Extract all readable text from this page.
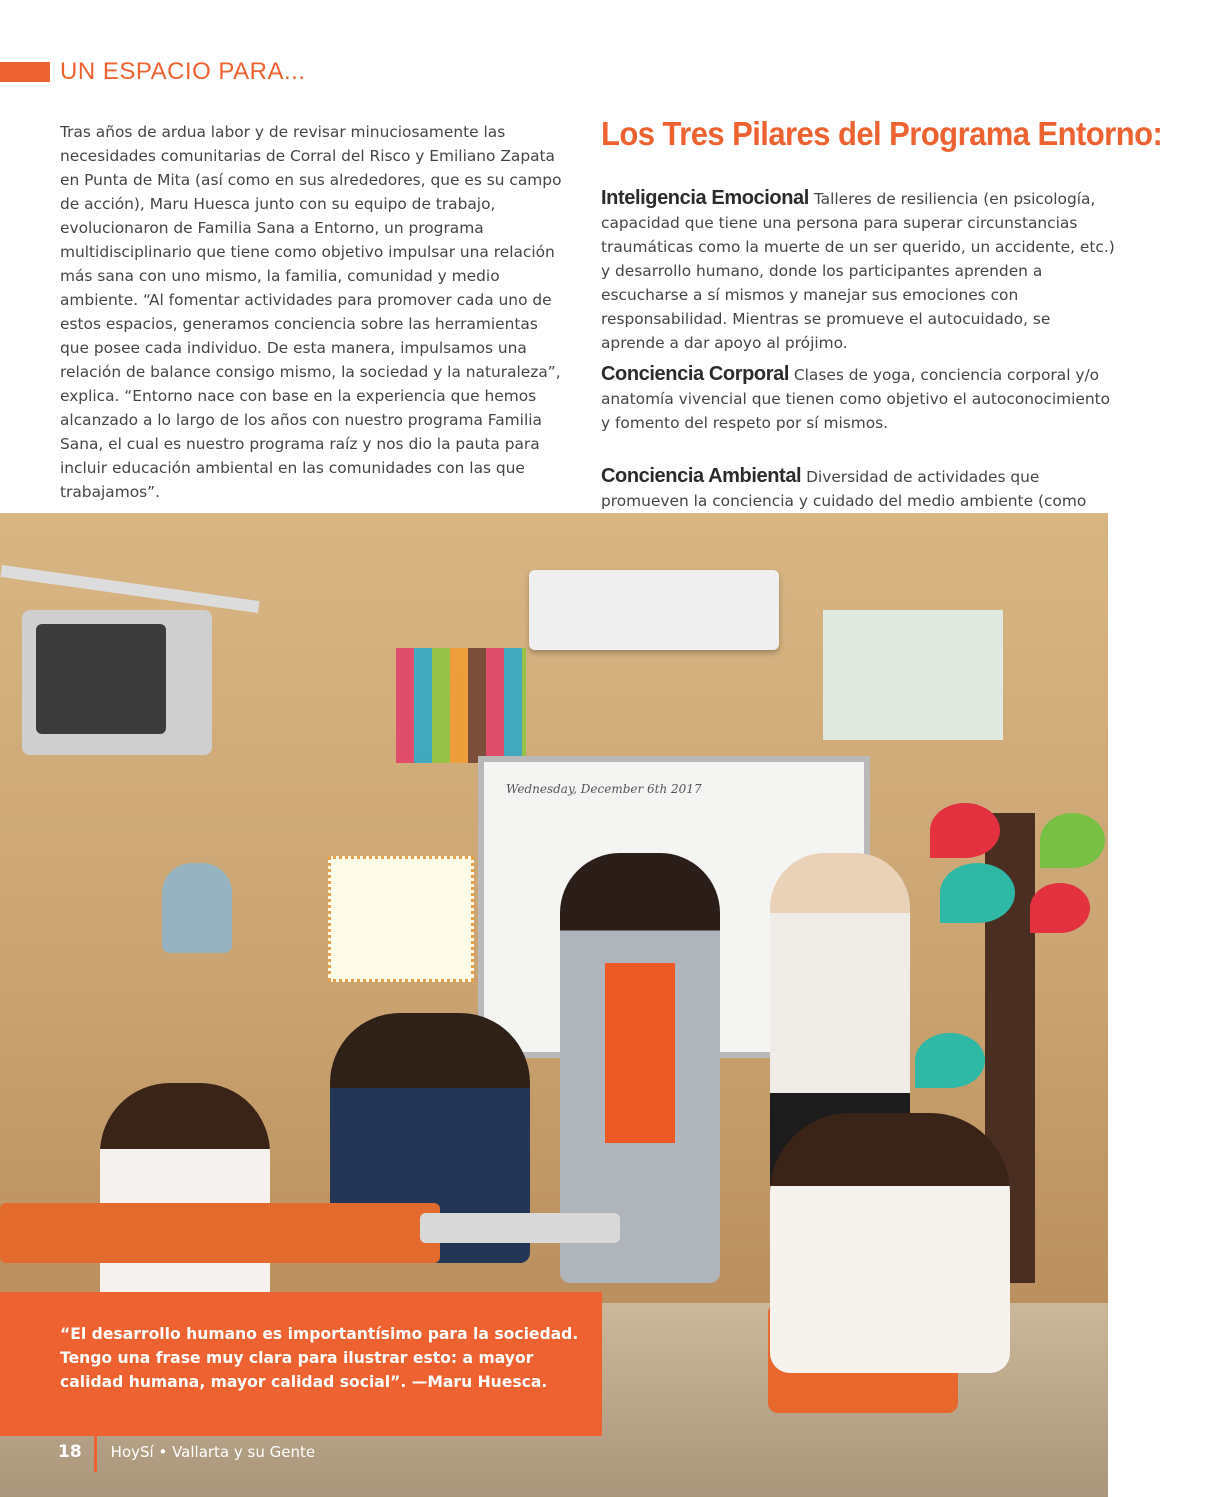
UN ESPACIO PARA...

Tras años de ardua labor y de revisar minuciosamente las necesidades comunitarias de Corral del Risco y Emiliano Zapata en Punta de Mita (así como en sus alrededores, que es su campo de acción), Maru Huesca junto con su equipo de trabajo, evolucionaron de Familia Sana a Entorno, un programa multidisciplinario que tiene como objetivo impulsar una relación más sana con uno mismo, la familia, comunidad y medio ambiente. “Al fomentar actividades para promover cada uno de estos espacios, generamos conciencia sobre las herramientas que posee cada individuo. De esta manera, impulsamos una relación de balance consigo mismo, la sociedad y la naturaleza”, explica. “Entorno nace con base en la experiencia que hemos alcanzado a lo largo de los años con nuestro programa Familia Sana, el cual es nuestro programa raíz y nos dio la pauta para incluir educación ambiental en las comunidades con las que trabajamos”.

Los Tres Pilares del Programa Entorno:

Inteligencia Emocional Talleres de resiliencia (en psicología, capacidad que tiene una persona para superar circunstancias traumáticas como la muerte de un ser querido, un accidente, etc.) y desarrollo humano, donde los participantes aprenden a escucharse a sí mismos y manejar sus emociones con responsabilidad. Mientras se promueve el autocuidado, se aprende a dar apoyo al prójimo.

Conciencia Corporal Clases de yoga, conciencia corporal y/o anatomía vivencial que tienen como objetivo el autoconocimiento y fomento del respeto por sí mismos.

Conciencia Ambiental Diversidad de actividades que promueven la conciencia y cuidado del medio ambiente (como

Wednesday, December 6th 2017

“El desarrollo humano es importantísimo para la sociedad. Tengo una frase muy clara para ilustrar esto: a mayor calidad humana, mayor calidad social”. —Maru Huesca.

18 HoySí • Vallarta y su Gente
